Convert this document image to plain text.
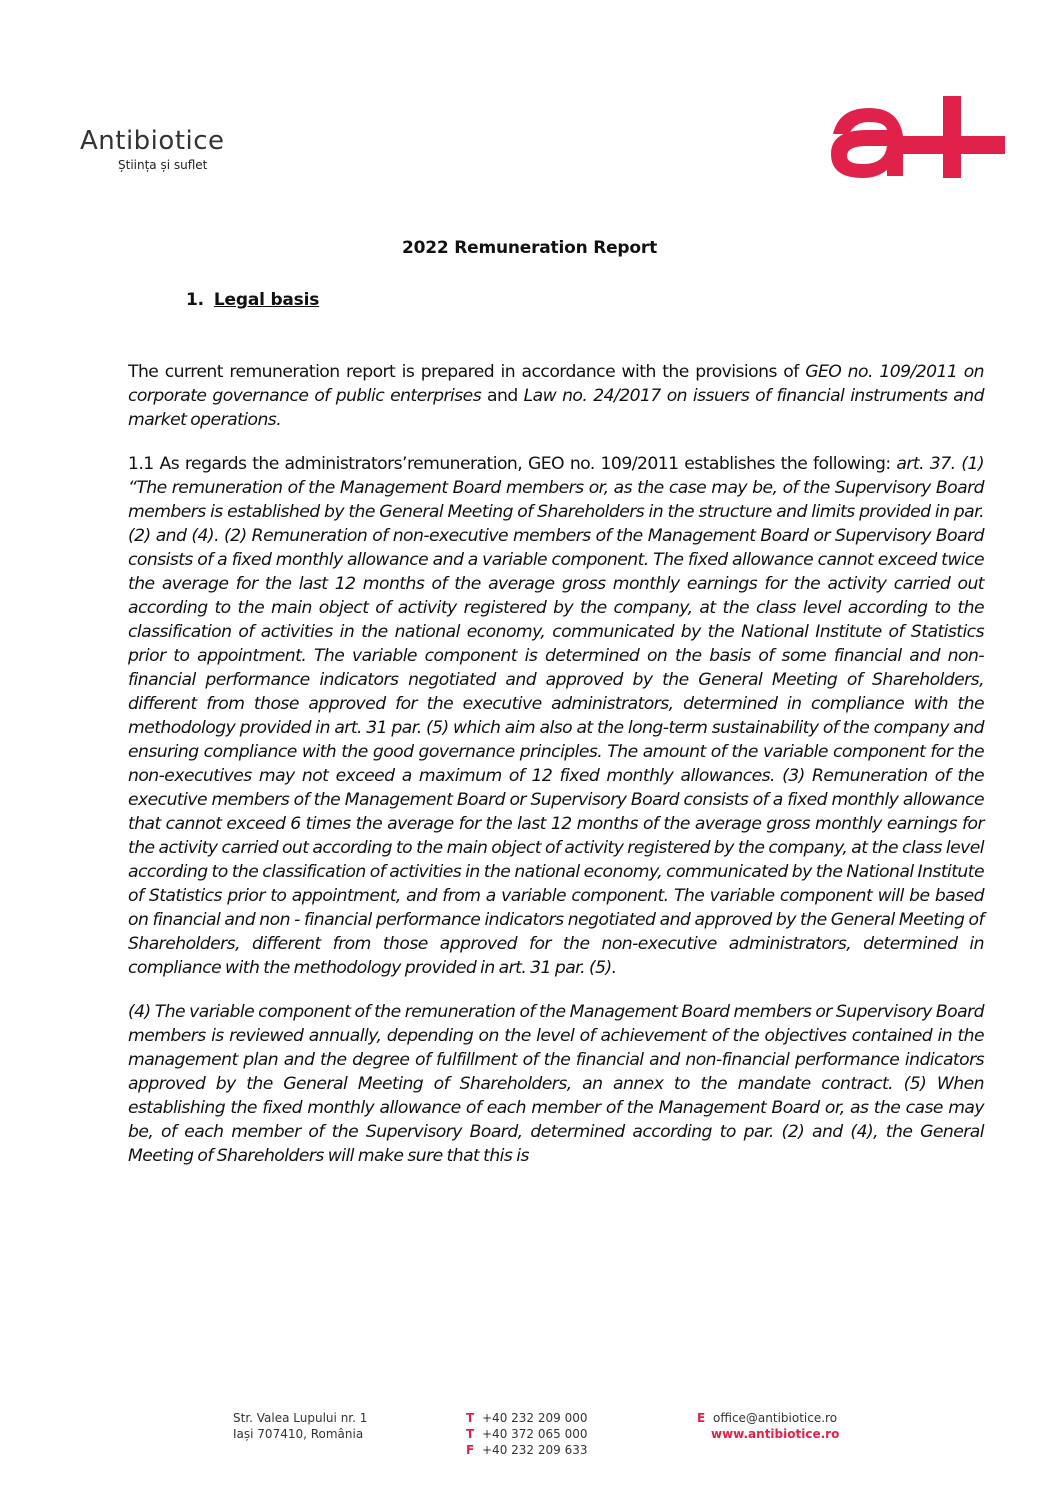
Antibiotice
Știința și suflet
2022 Remuneration Report
1. Legal basis

The current remuneration report is prepared in accordance with the provisions of GEO no. 109/2011 on corporate governance of public enterprises and Law no. 24/2017 on issuers of financial instruments and market operations.

1.1 As regards the administrators’remuneration, GEO no. 109/2011 establishes the following: art. 37. (1) “The remuneration of the Management Board members or, as the case may be, of the Supervisory Board members is established by the General Meeting of Shareholders in the structure and limits provided in par. (2) and (4). (2) Remuneration of non-executive members of the Management Board or Supervisory Board consists of a fixed monthly allowance and a variable component. The fixed allowance cannot exceed twice the average for the last 12 months of the average gross monthly earnings for the activity carried out according to the main object of activity registered by the company, at the class level according to the classification of activities in the national economy, communicated by the National Institute of Statistics prior to appointment. The variable component is determined on the basis of some financial and non-financial performance indicators negotiated and approved by the General Meeting of Shareholders, different from those approved for the executive administrators, determined in compliance with the methodology provided in art. 31 par. (5) which aim also at the long-term sustainability of the company and ensuring compliance with the good governance principles. The amount of the variable component for the non-executives may not exceed a maximum of 12 fixed monthly allowances. (3) Remuneration of the executive members of the Management Board or Supervisory Board consists of a fixed monthly allowance that cannot exceed 6 times the average for the last 12 months of the average gross monthly earnings for the activity carried out according to the main object of activity registered by the company, at the class level according to the classification of activities in the national economy, communicated by the National Institute of Statistics prior to appointment, and from a variable component. The variable component will be based on financial and non - financial performance indicators negotiated and approved by the General Meeting of Shareholders, different from those approved for the non-executive administrators, determined in compliance with the methodology provided in art. 31 par. (5).

(4) The variable component of the remuneration of the Management Board members or Supervisory Board members is reviewed annually, depending on the level of achievement of the objectives contained in the management plan and the degree of fulfillment of the financial and non-financial performance indicators approved by the General Meeting of Shareholders, an annex to the mandate contract. (5) When establishing the fixed monthly allowance of each member of the Management Board or, as the case may be, of each member of the Supervisory Board, determined according to par. (2) and (4), the General Meeting of Shareholders will make sure that this is

Str. Valea Lupului nr. 1
Iași 707410, România
T +40 232 209 000
T +40 372 065 000
F +40 232 209 633
E office@antibiotice.ro
www.antibiotice.ro
